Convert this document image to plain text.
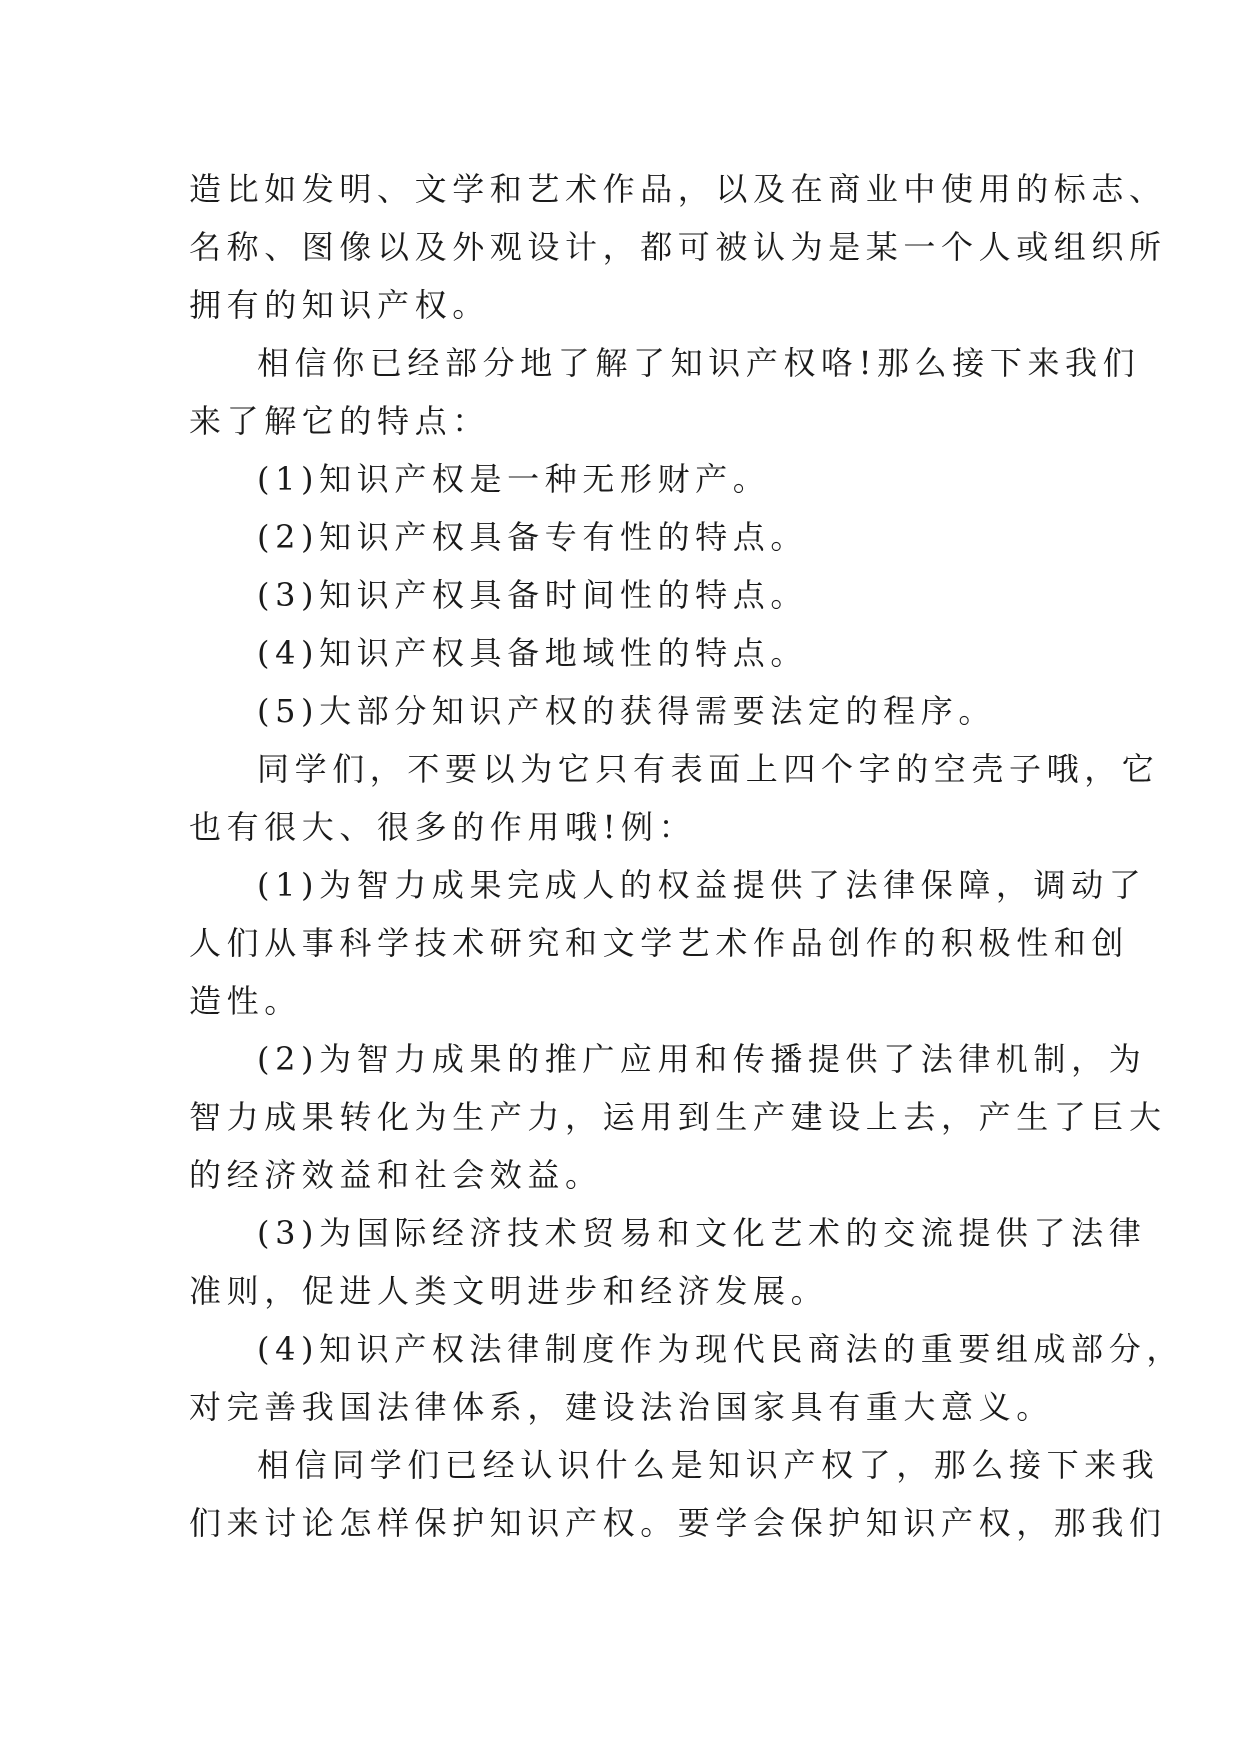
造比如发明、文学和艺术作品，以及在商业中使用的标志、
名称、图像以及外观设计，都可被认为是某一个人或组织所
拥有的知识产权。
相信你已经部分地了解了知识产权咯!那么接下来我们
来了解它的特点：
(1)知识产权是一种无形财产。
(2)知识产权具备专有性的特点。
(3)知识产权具备时间性的特点。
(4)知识产权具备地域性的特点。
(5)大部分知识产权的获得需要法定的程序。
同学们，不要以为它只有表面上四个字的空壳子哦，它
也有很大、很多的作用哦!例：
(1)为智力成果完成人的权益提供了法律保障，调动了
人们从事科学技术研究和文学艺术作品创作的积极性和创
造性。
(2)为智力成果的推广应用和传播提供了法律机制，为
智力成果转化为生产力，运用到生产建设上去，产生了巨大
的经济效益和社会效益。
(3)为国际经济技术贸易和文化艺术的交流提供了法律
准则，促进人类文明进步和经济发展。
(4)知识产权法律制度作为现代民商法的重要组成部分，
对完善我国法律体系，建设法治国家具有重大意义。
相信同学们已经认识什么是知识产权了，那么接下来我
们来讨论怎样保护知识产权。要学会保护知识产权，那我们
